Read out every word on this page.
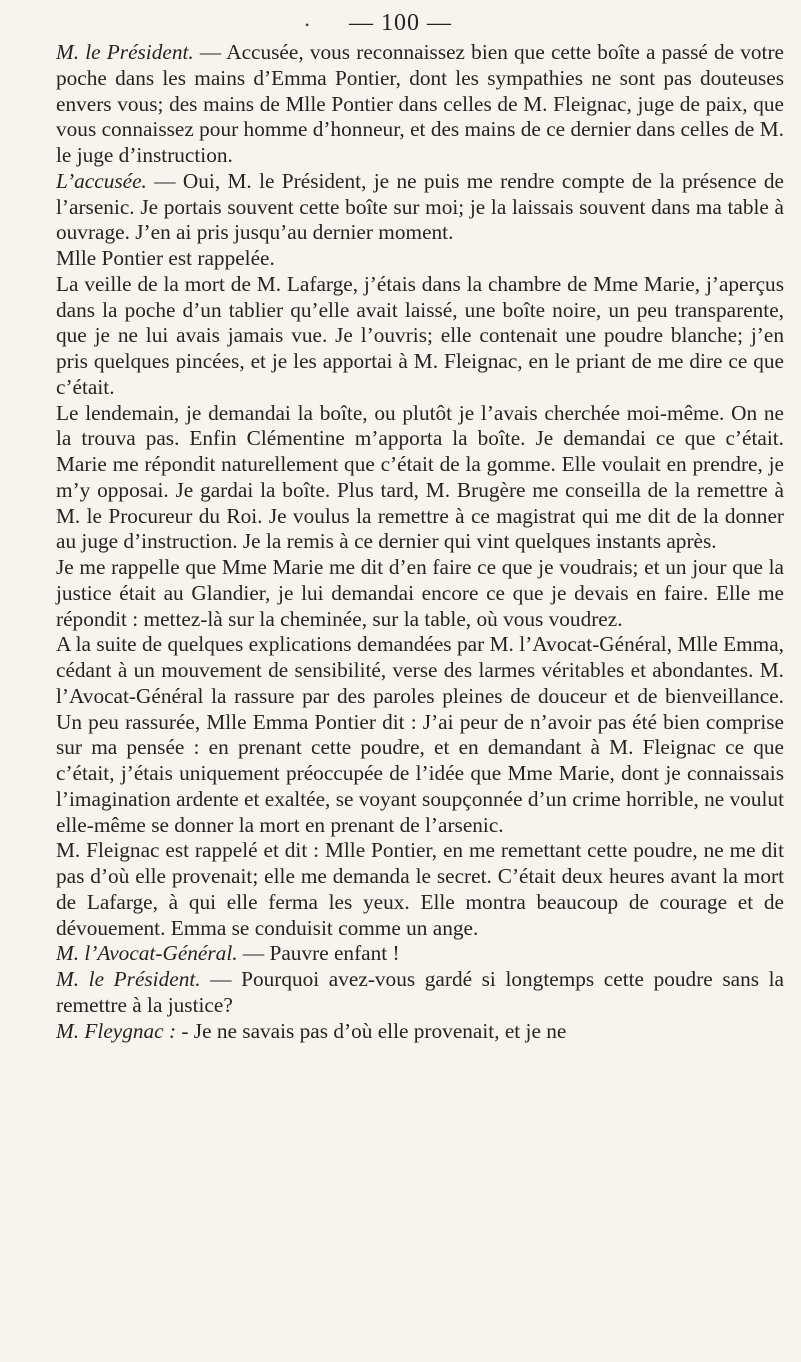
•	— 100 —

M. le Président. — Accusée, vous reconnaissez bien que cette boîte a passé de votre poche dans les mains d’Emma Pontier, dont les sympathies ne sont pas douteuses envers vous; des mains de Mlle Pontier dans celles de M. Fleignac, juge de paix, que vous connaissez pour homme d’honneur, et des mains de ce dernier dans celles de M. le juge d’instruction.

L’accusée. — Oui, M. le Président, je ne puis me rendre compte de la présence de l’arsenic. Je portais souvent cette boîte sur moi; je la laissais souvent dans ma table à ouvrage. J’en ai pris jusqu’au dernier moment.

Mlle Pontier est rappelée.

La veille de la mort de M. Lafarge, j’étais dans la chambre de Mme Marie, j’aperçus dans la poche d’un tablier qu’elle avait laissé, une boîte noire, un peu transparente, que je ne lui avais jamais vue. Je l’ouvris; elle contenait une poudre blanche; j’en pris quelques pincées, et je les apportai à M. Fleignac, en le priant de me dire ce que c’était.

Le lendemain, je demandai la boîte, ou plutôt je l’avais cherchée moi-même. On ne la trouva pas. Enfin Clémentine m’apporta la boîte. Je demandai ce que c’était. Marie me répondit naturellement que c’était de la gomme. Elle voulait en prendre, je m’y opposai. Je gardai la boîte. Plus tard, M. Brugère me conseilla de la remettre à M. le Procureur du Roi. Je voulus la remettre à ce magistrat qui me dit de la donner au juge d’instruction. Je la remis à ce dernier qui vint quelques instants après.

Je me rappelle que Mme Marie me dit d’en faire ce que je voudrais; et un jour que la justice était au Glandier, je lui demandai encore ce que je devais en faire. Elle me répondit : mettez-là sur la cheminée, sur la table, où vous voudrez.

A la suite de quelques explications demandées par M. l’Avocat-Général, Mlle Emma, cédant à un mouvement de sensibilité, verse des larmes véritables et abondantes. M. l’Avocat-Général la rassure par des paroles pleines de douceur et de bienveillance. Un peu rassurée, Mlle Emma Pontier dit : J’ai peur de n’avoir pas été bien comprise sur ma pensée : en prenant cette poudre, et en demandant à M. Fleignac ce que c’était, j’étais uniquement préoccupée de l’idée que Mme Marie, dont je connaissais l’imagination ardente et exaltée, se voyant soupçonnée d’un crime horrible, ne voulut elle-même se donner la mort en prenant de l’arsenic.

M. Fleignac est rappelé et dit : Mlle Pontier, en me remettant cette poudre, ne me dit pas d’où elle provenait; elle me demanda le secret. C’était deux heures avant la mort de Lafarge, à qui elle ferma les yeux. Elle montra beaucoup de courage et de dévouement. Emma se conduisit comme un ange.

M. l’Avocat-Général. — Pauvre enfant !

M. le Président. — Pourquoi avez-vous gardé si longtemps cette poudre sans la remettre à la justice?

M. Fleygnac : - Je ne savais pas d’où elle provenait, et je ne
